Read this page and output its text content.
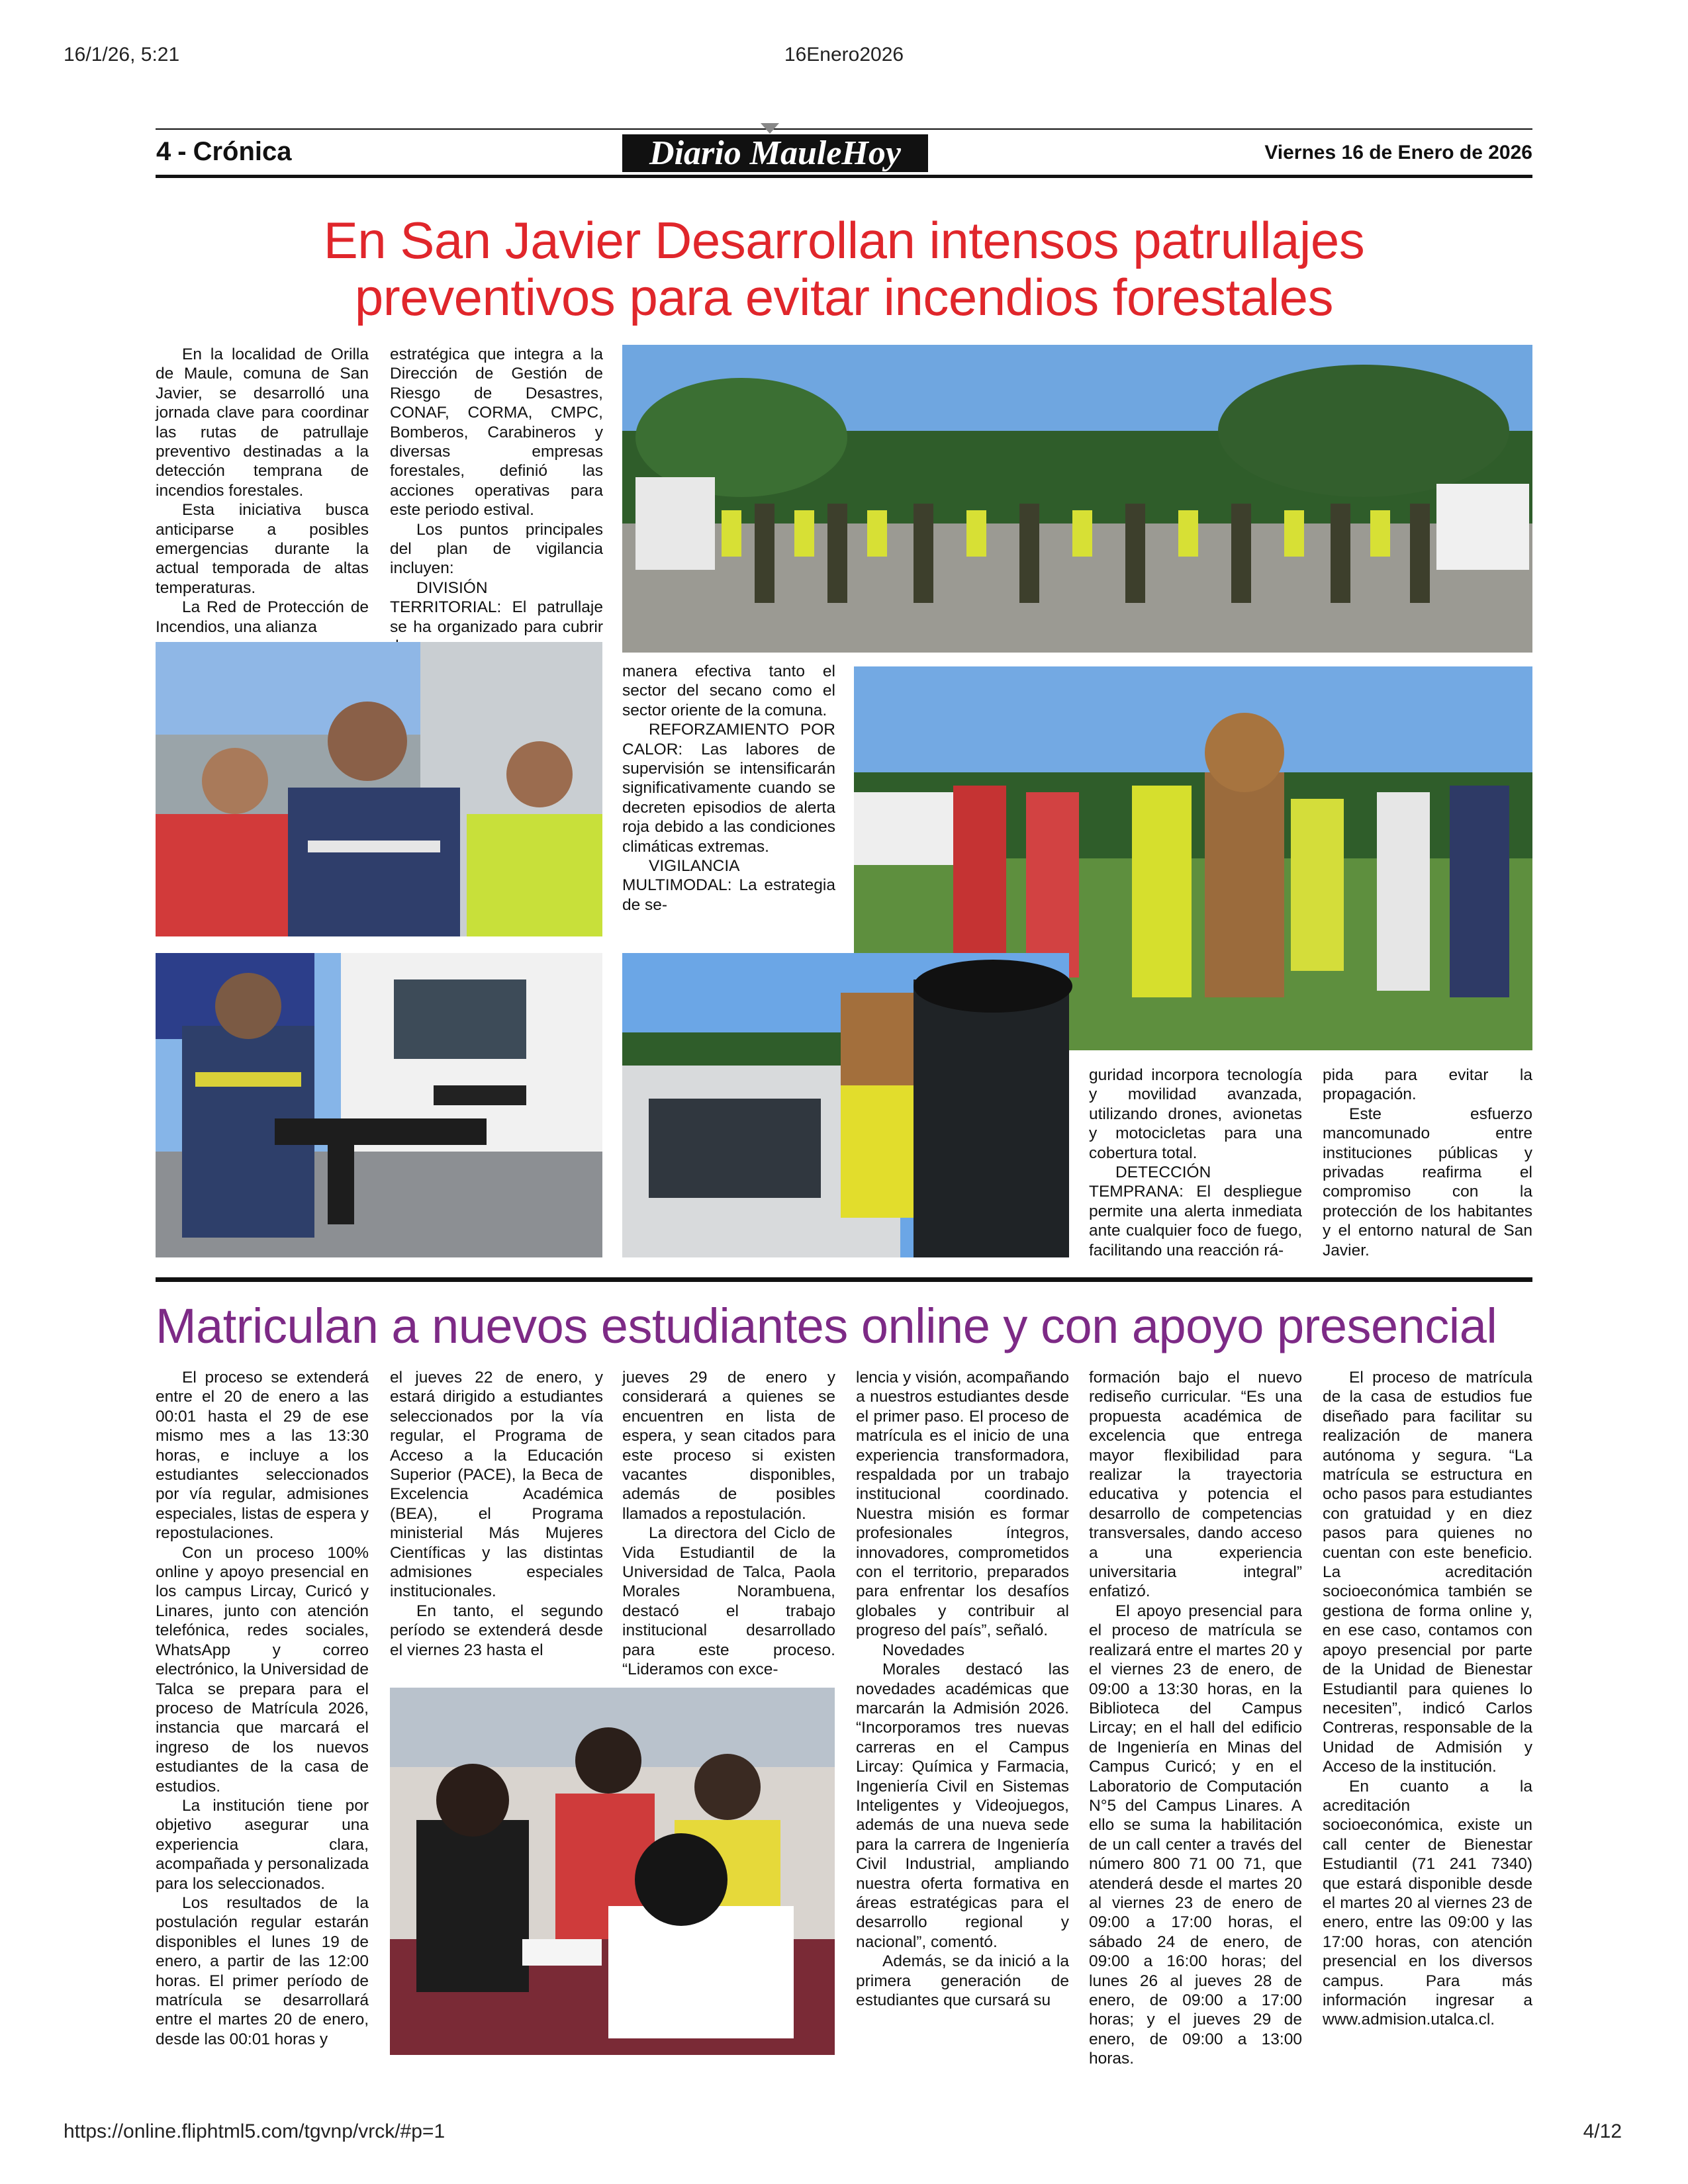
16/1/26, 5:21	16Enero2026
4 - Crónica	Diario MauleHoy	Viernes 16 de Enero de 2026
En San Javier Desarrollan intensos patrullajes
preventivos para evitar incendios forestales

En la localidad de Orilla de Maule, comuna de San Javier, se desarrolló una jornada clave para coordinar las rutas de patrullaje preventivo destinadas a la detección temprana de incendios forestales.

Esta iniciativa busca anticiparse a posibles emergencias durante la actual temporada de altas temperaturas.

La Red de Protección de Incendios, una alianza

estratégica que integra a la Dirección de Gestión de Riesgo de Desastres, CONAF, CORMA, CMPC, Bomberos, Carabineros y diversas empresas forestales, definió las acciones operativas para este periodo estival.

Los puntos principales del plan de vigilancia incluyen:

DIVISIÓN TERRITORIAL: El patrullaje se ha organizado para cubrir

manera efectiva tanto el sector del secano como el sector oriente de la comuna.

REFORZAMIENTO POR CALOR: Las labores de supervisión se intensificarán significativamente cuando se decreten episodios de alerta roja debido a las condiciones climáticas extremas.

VIGILANCIA MULTIMODAL: La estrategia de se-

guridad incorpora tecnología y movilidad avanzada, utilizando drones, avionetas y motocicletas para una cobertura total.

DETECCIÓN TEMPRANA: El despliegue permite una alerta inmediata ante cualquier foco de fuego, facilitando una reacción rá-

pida para evitar la propagación.

Este esfuerzo mancomunado entre instituciones públicas y privadas reafirma el compromiso con la protección de los habitantes y el entorno natural de San Javier.

Matriculan a nuevos estudiantes online y con apoyo presencial

El proceso se extenderá entre el 20 de enero a las 00:01 hasta el 29 de ese mismo mes a las 13:30 horas, e incluye a los estudiantes seleccionados por vía regular, admisiones especiales, listas de espera y repostulaciones.

Con un proceso 100% online y apoyo presencial en los campus Lircay, Curicó y Linares, junto con atención telefónica, redes sociales, WhatsApp y correo electrónico, la Universidad de Talca se prepara para el proceso de Matrícula 2026, instancia que marcará el ingreso de los nuevos estudiantes de la casa de estudios.

La institución tiene por objetivo asegurar una experiencia clara, acompañada y personalizada para los seleccionados.

Los resultados de la postulación regular estarán disponibles el lunes 19 de enero, a partir de las 12:00 horas. El primer período de matrícula se desarrollará entre el martes 20 de enero, desde las 00:01 horas y

el jueves 22 de enero, y estará dirigido a estudiantes seleccionados por la vía regular, el Programa de Acceso a la Educación Superior (PACE), la Beca de Excelencia Académica (BEA), el Programa ministerial Más Mujeres Científicas y las distintas admisiones especiales institucionales.

En tanto, el segundo período se extenderá desde el viernes 23 hasta el

jueves 29 de enero y considerará a quienes se encuentren en lista de espera, y sean citados para este proceso si existen vacantes disponibles, además de posibles llamados a repostulación.

La directora del Ciclo de Vida Estudiantil de la Universidad de Talca, Paola Morales Norambuena, destacó el trabajo institucional desarrollado para este proceso. “Lideramos con exce-

lencia y visión, acompañando a nuestros estudiantes desde el primer paso. El proceso de matrícula es el inicio de una experiencia transformadora, respaldada por un trabajo institucional coordinado. Nuestra misión es formar profesionales íntegros, innovadores, comprometidos con el territorio, preparados para enfrentar los desafíos globales y contribuir al progreso del país”, señaló.

Novedades

Morales destacó las novedades académicas que marcarán la Admisión 2026. “Incorporamos tres nuevas carreras en el Campus Lircay: Química y Farmacia, Ingeniería Civil en Sistemas Inteligentes y Videojuegos, además de una nueva sede para la carrera de Ingeniería Civil Industrial, ampliando nuestra oferta formativa en áreas estratégicas para el desarrollo regional y nacional”, comentó.

Además, se da inició a la primera generación de estudiantes que cursará su

formación bajo el nuevo rediseño curricular. “Es una propuesta académica de excelencia que entrega mayor flexibilidad para realizar la trayectoria educativa y potencia el desarrollo de competencias transversales, dando acceso a una experiencia universitaria integral” enfatizó.

El apoyo presencial para el proceso de matrícula se realizará entre el martes 20 y el viernes 23 de enero, de 09:00 a 13:30 horas, en la Biblioteca del Campus Lircay; en el hall del edificio de Ingeniería en Minas del Campus Curicó; y en el Laboratorio de Computación N°5 del Campus Linares. A ello se suma la habilitación de un call center a través del número 800 71 00 71, que atenderá desde el martes 20 al viernes 23 de enero de 09:00 a 17:00 horas, el sábado 24 de enero, de 09:00 a 16:00 horas; del lunes 26 al jueves 28 de enero, de 09:00 a 17:00 horas; y el jueves 29 de enero, de 09:00 a 13:00 horas.

El proceso de matrícula de la casa de estudios fue diseñado para facilitar su realización de manera autónoma y segura. “La matrícula se estructura en ocho pasos para estudiantes con gratuidad y en diez pasos para quienes no cuentan con este beneficio. La acreditación socioeconómica también se gestiona de forma online y, en ese caso, contamos con apoyo presencial por parte de la Unidad de Bienestar Estudiantil para quienes lo necesiten”, indicó Carlos Contreras, responsable de la Unidad de Admisión y Acceso de la institución.

En cuanto a la acreditación socioeconómica, existe un call center de Bienestar Estudiantil (71 241 7340) que estará disponible desde el martes 20 al viernes 23 de enero, entre las 09:00 y las 17:00 horas, con atención presencial en los diversos campus. Para más información ingresar a www.admision.utalca.cl.

https://online.fliphtml5.com/tgvnp/vrck/#p=1	4/12
